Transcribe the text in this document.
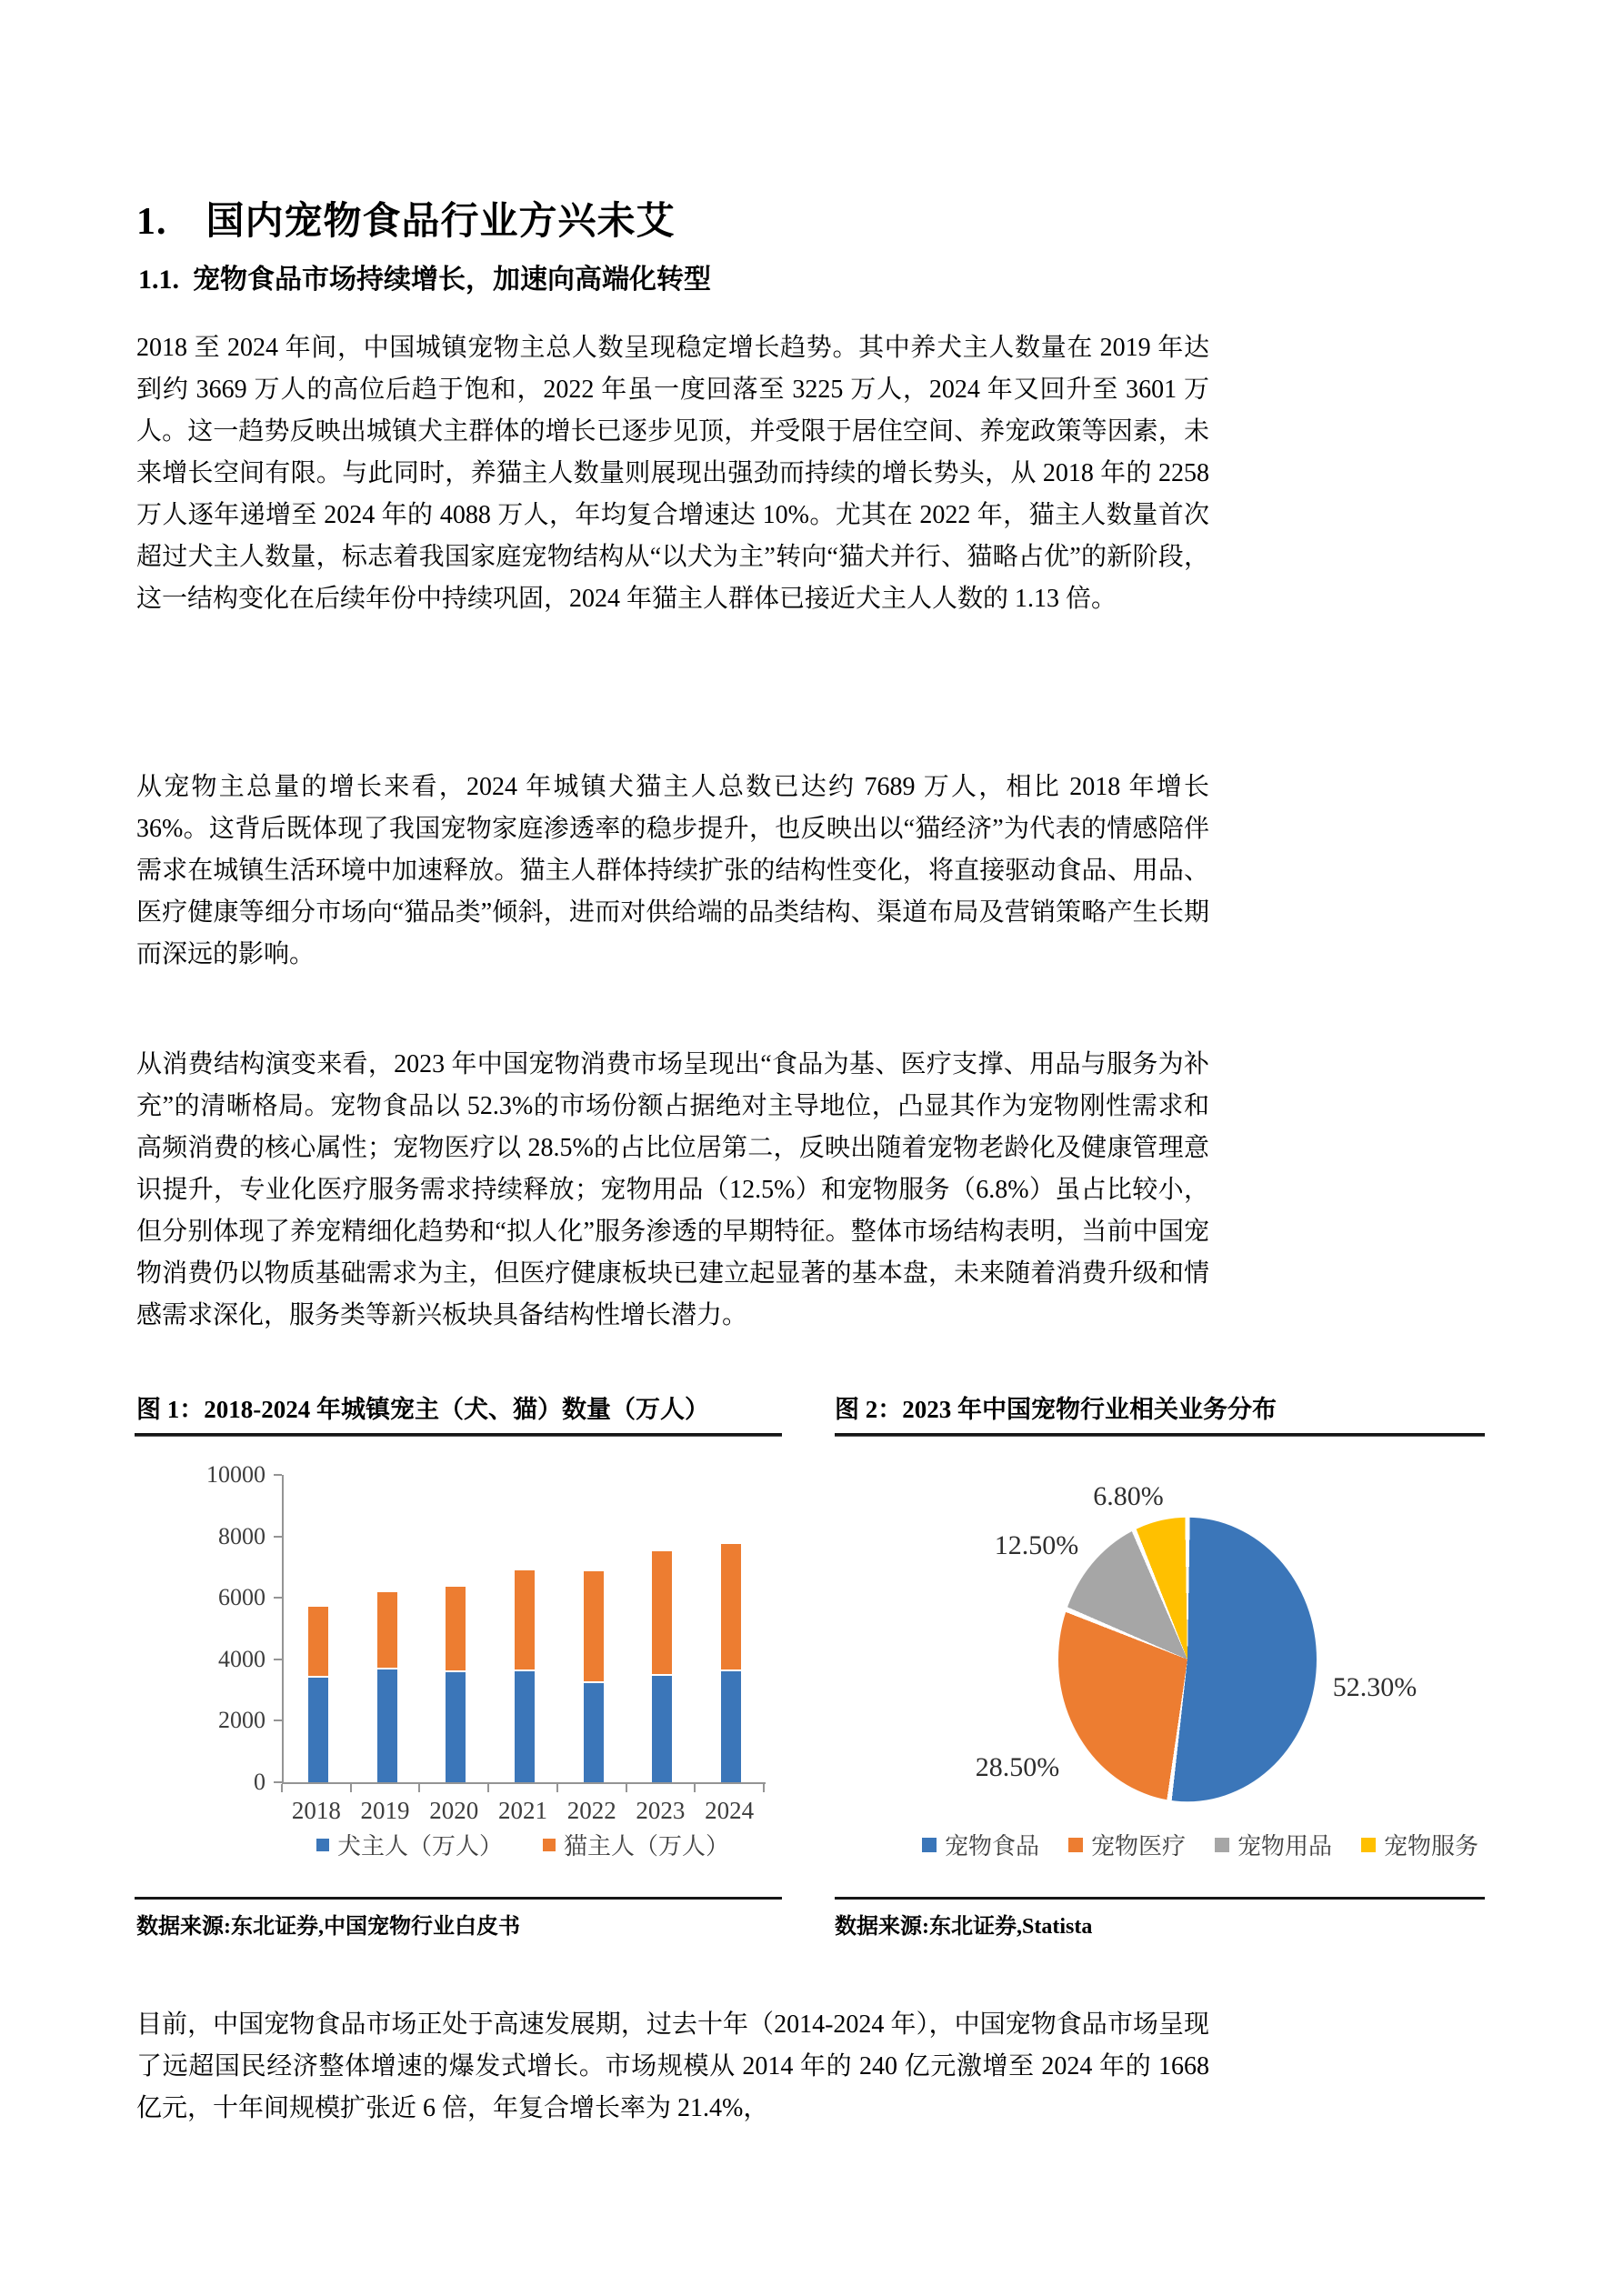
1. 国内宠物食品行业方兴未艾
1.1. 宠物食品市场持续增长，加速向高端化转型

2018 至 2024 年间，中国城镇宠物主总人数呈现稳定增长趋势。其中养犬主人数量在 2019 年达到约 3669 万人的高位后趋于饱和，2022 年虽一度回落至 3225 万人，2024 年又回升至 3601 万人。这一趋势反映出城镇犬主群体的增长已逐步见顶，并受限于居住空间、养宠政策等因素，未来增长空间有限。与此同时，养猫主人数量则展现出强劲而持续的增长势头，从 2018 年的 2258 万人逐年递增至 2024 年的 4088 万人，年均复合增速达 10%。尤其在 2022 年，猫主人数量首次超过犬主人数量，标志着我国家庭宠物结构从“以犬为主”转向“猫犬并行、猫略占优”的新阶段，这一结构变化在后续年份中持续巩固，2024 年猫主人群体已接近犬主人人数的 1.13 倍。

从宠物主总量的增长来看，2024 年城镇犬猫主人总数已达约 7689 万人，相比 2018 年增长 36%。这背后既体现了我国宠物家庭渗透率的稳步提升，也反映出以“猫经济”为代表的情感陪伴需求在城镇生活环境中加速释放。猫主人群体持续扩张的结构性变化，将直接驱动食品、用品、医疗健康等细分市场向“猫品类”倾斜，进而对供给端的品类结构、渠道布局及营销策略产生长期而深远的影响。

从消费结构演变来看，2023 年中国宠物消费市场呈现出“食品为基、医疗支撑、用品与服务为补充”的清晰格局。宠物食品以 52.3%的市场份额占据绝对主导地位，凸显其作为宠物刚性需求和高频消费的核心属性；宠物医疗以 28.5%的占比位居第二，反映出随着宠物老龄化及健康管理意识提升，专业化医疗服务需求持续释放；宠物用品（12.5%）和宠物服务（6.8%）虽占比较小，但分别体现了养宠精细化趋势和“拟人化”服务渗透的早期特征。整体市场结构表明，当前中国宠物消费仍以物质基础需求为主，但医疗健康板块已建立起显著的基本盘，未来随着消费升级和情感需求深化，服务类等新兴板块具备结构性增长潜力。

目前，中国宠物食品市场正处于高速发展期，过去十年（2014-2024 年），中国宠物食品市场呈现了远超国民经济整体增速的爆发式增长。市场规模从 2014 年的 240 亿元激增至 2024 年的 1668 亿元，十年间规模扩张近 6 倍，年复合增长率为 21.4%，

图 1：2018-2024 年城镇宠主（犬、猫）数量（万人）
0
2000
4000
6000
8000
10000
2018 2019 2020 2021 2022 2023 2024
犬主人（万人）	猫主人（万人）
数据来源:东北证券,中国宠物行业白皮书
图 2：2023 年中国宠物行业相关业务分布
6.80%
12.50%
28.50%
52.30%
宠物食品 宠物医疗 宠物用品 宠物服务
数据来源:东北证券,Statista
